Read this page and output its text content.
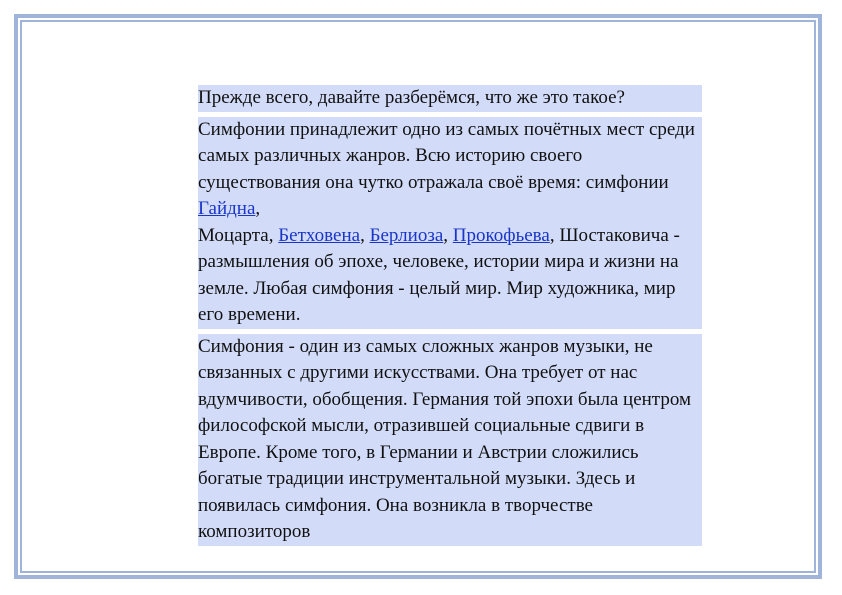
Прежде всего, давайте разберёмся, что же это такое?

Симфонии принадлежит одно из самых почётных мест среди самых различных жанров. Всю историю своего существования она чутко отражала своё время: симфонии Гайдна,
Моцарта, Бетховена, Берлиоза, Прокофьева, Шостаковича - размышления об эпохе, человеке, истории мира и жизни на земле. Любая симфония - целый мир. Мир художника, мир его времени.

Симфония - один из самых сложных жанров музыки, не связанных с другими искусствами. Она требует от нас вдумчивости, обобщения. Германия той эпохи была центром философской мысли, отразившей социальные сдвиги в Европе. Кроме того, в Германии и Австрии сложились богатые традиции инструментальной музыки. Здесь и появилась симфония. Она возникла в творчестве композиторов
